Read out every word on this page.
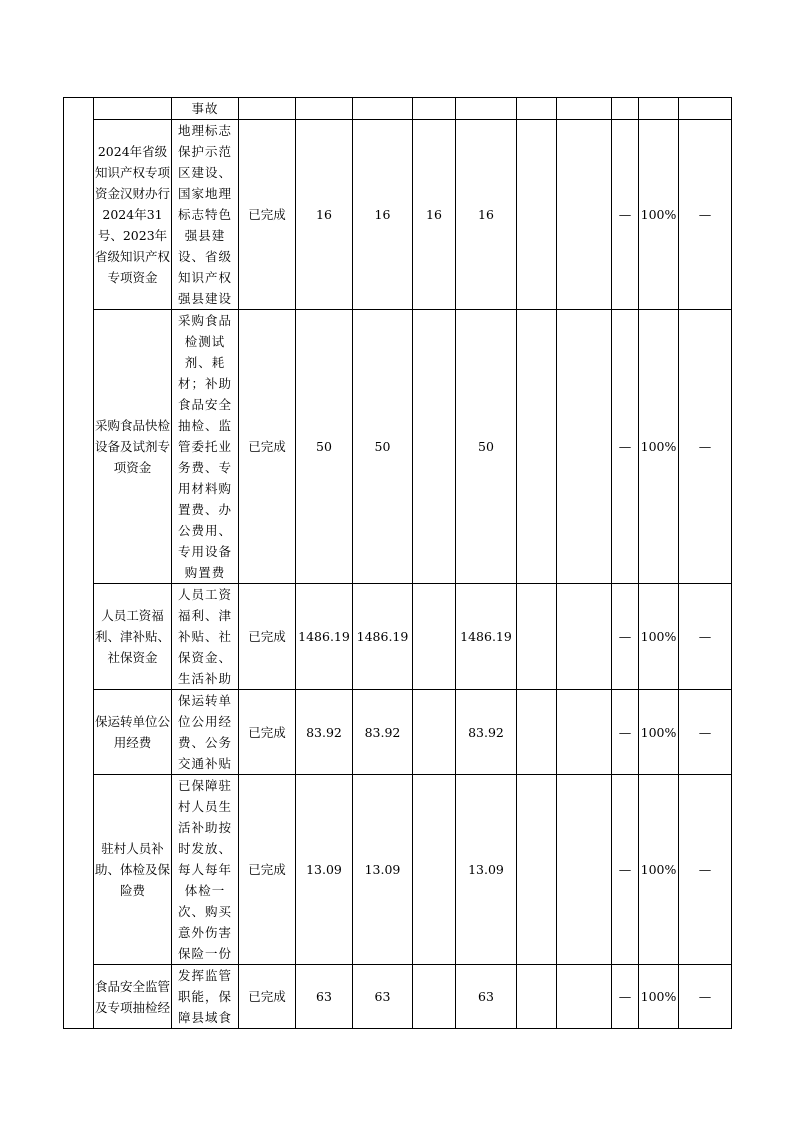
		事故										
	2024年省级知识产权专项资金汉财办行2024年31号、2023年省级知识产权专项资金	地理标志保护示范区建设、国家地理标志特色强县建设、省级知识产权强县建设	已完成	16	16	16	16			—	100%	—
	采购食品快检设备及试剂专项资金	采购食品检测试剂、耗材；补助食品安全抽检、监管委托业务费、专用材料购置费、办公费用、专用设备购置费	已完成	50	50		50			—	100%	—
	人员工资福利、津补贴、社保资金	人员工资福利、津补贴、社保资金、生活补助	已完成	1486.19	1486.19		1486.19			—	100%	—
	保运转单位公用经费	保运转单位公用经费、公务交通补贴	已完成	83.92	83.92		83.92			—	100%	—
	驻村人员补助、体检及保险费	已保障驻村人员生活补助按时发放、每人每年体检一次、购买意外伤害保险一份	已完成	13.09	13.09		13.09			—	100%	—
	食品安全监管及专项抽检经	发挥监管职能，保障县域食	已完成	63	63		63			—	100%	—
